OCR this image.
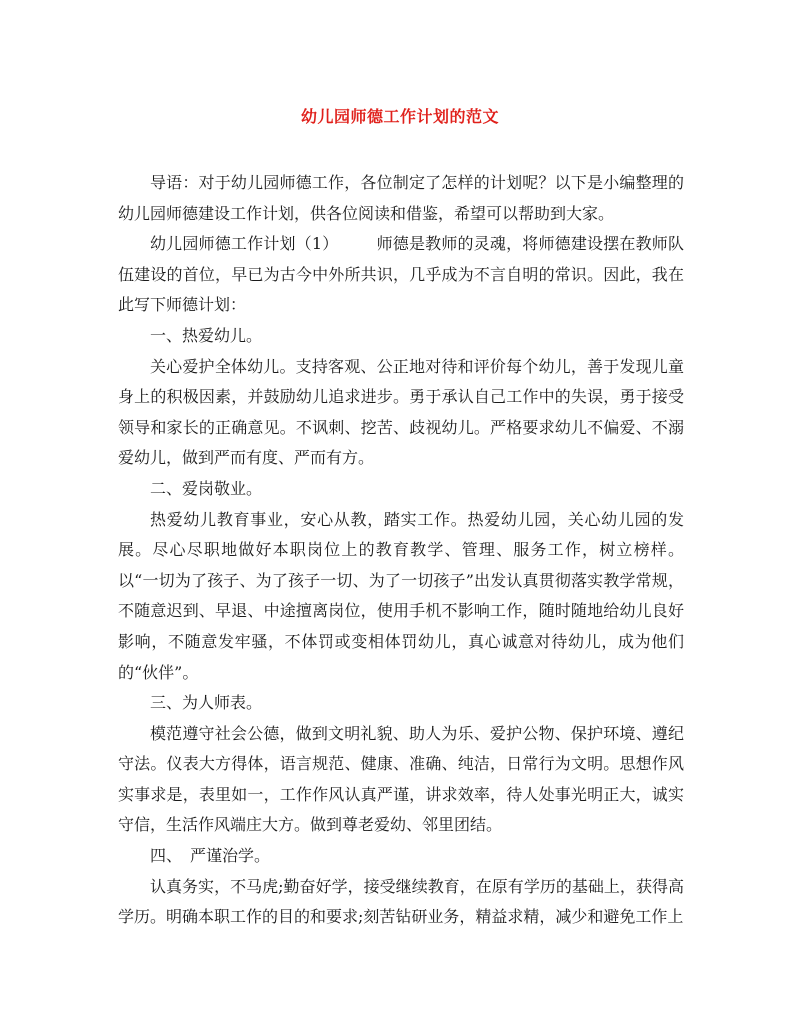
幼儿园师德工作计划的范文

导语：对于幼儿园师德工作，各位制定了怎样的计划呢？以下是小编整理的幼儿园师德建设工作计划，供各位阅读和借鉴，希望可以帮助到大家。

幼儿园师德工作计划（1） 师德是教师的灵魂，将师德建设摆在教师队伍建设的首位，早已为古今中外所共识，几乎成为不言自明的常识。因此，我在此写下师德计划：

一、热爱幼儿。

关心爱护全体幼儿。支持客观、公正地对待和评价每个幼儿，善于发现儿童身上的积极因素，并鼓励幼儿追求进步。勇于承认自己工作中的失误，勇于接受领导和家长的正确意见。不讽刺、挖苦、歧视幼儿。严格要求幼儿不偏爱、不溺爱幼儿，做到严而有度、严而有方。

二、爱岗敬业。

热爱幼儿教育事业，安心从教，踏实工作。热爱幼儿园，关心幼儿园的发展。尽心尽职地做好本职岗位上的教育教学、管理、服务工作，树立榜样。以“一切为了孩子、为了孩子一切、为了一切孩子”出发认真贯彻落实教学常规，不随意迟到、早退、中途擅离岗位，使用手机不影响工作，随时随地给幼儿良好影响，不随意发牢骚，不体罚或变相体罚幼儿，真心诚意对待幼儿，成为他们的“伙伴”。

三、为人师表。

模范遵守社会公德，做到文明礼貌、助人为乐、爱护公物、保护环境、遵纪守法。仪表大方得体，语言规范、健康、准确、纯洁，日常行为文明。思想作风实事求是，表里如一，工作作风认真严谨，讲求效率，待人处事光明正大，诚实守信，生活作风端庄大方。做到尊老爱幼、邻里团结。

四、　严谨治学。

认真务实，不马虎;勤奋好学，接受继续教育，在原有学历的基础上，获得高学历。明确本职工作的目的和要求;刻苦钻研业务，精益求精，减少和避免工作上
